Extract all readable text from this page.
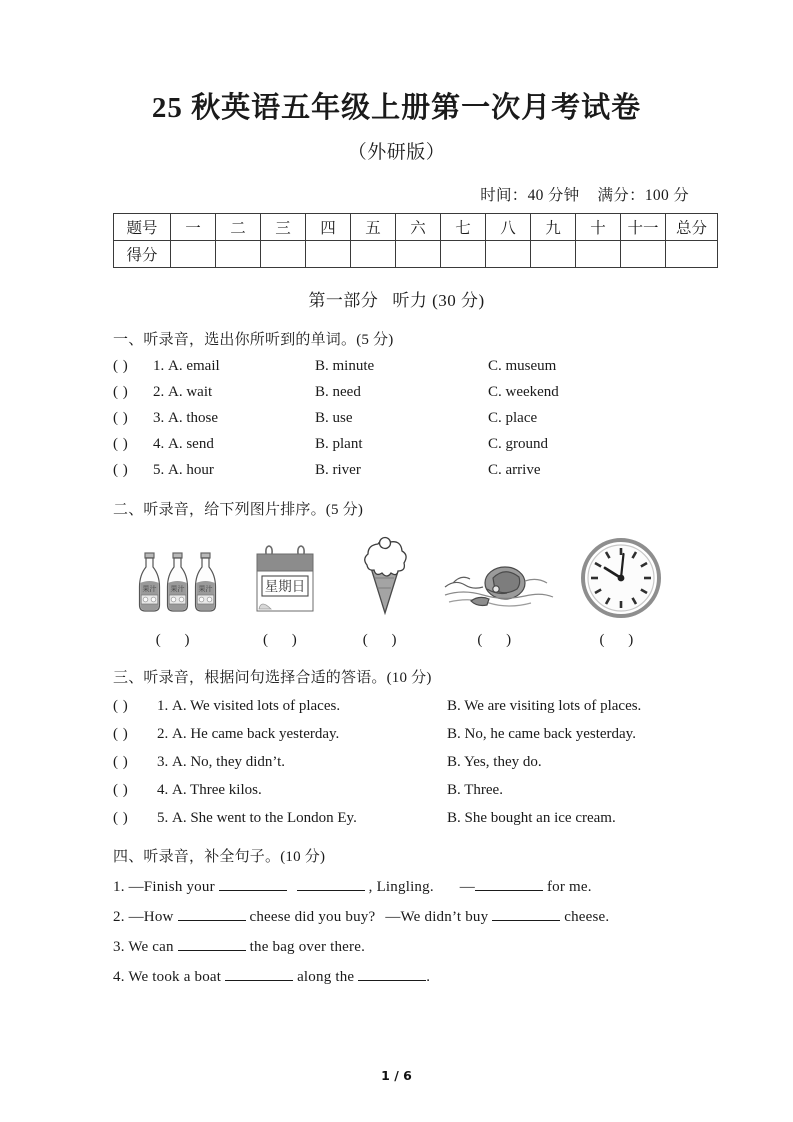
25 秋英语五年级上册第一次月考试卷
（外研版）
时间：40 分钟 满分：100 分
题号	一	二	三	四	五	六	七	八	九	十	十一	总分
得分												
第一部分 听力 (30 分)
一、听录音，选出你所听到的单词。(5 分)
( )	1. A. email	B. minute	C. museum
( )	2. A. wait	B. need	C. weekend
( )	3. A. those	B. use	C. place
( )	4. A. send	B. plant	C. ground
( )	5. A. hour	B. river	C. arrive
二、听录音，给下列图片排序。(5 分)
果汁 果汁 果汁
( )
星期日
( )	( )	( )	( )
三、听录音，根据问句选择合适的答语。(10 分)
( )	1. A. We visited lots of places.	B. We are visiting lots of places.
( )	2. A. He came back yesterday.	B. No, he came back yesterday.
( )	3. A. No, they didn’t.	B. Yes, they do.
( )	4. A. Three kilos.	B. Three.
( )	5. A. She went to the London Ey.	B. She bought an ice cream.
四、听录音，补全句子。(10 分)
1. —Finish your	, Lingling. —	for me.
2. —How	cheese did you buy? —We didn’t buy	cheese.
3. We can	the bag over there.
4. We took a boat	along the	.
1 / 6
